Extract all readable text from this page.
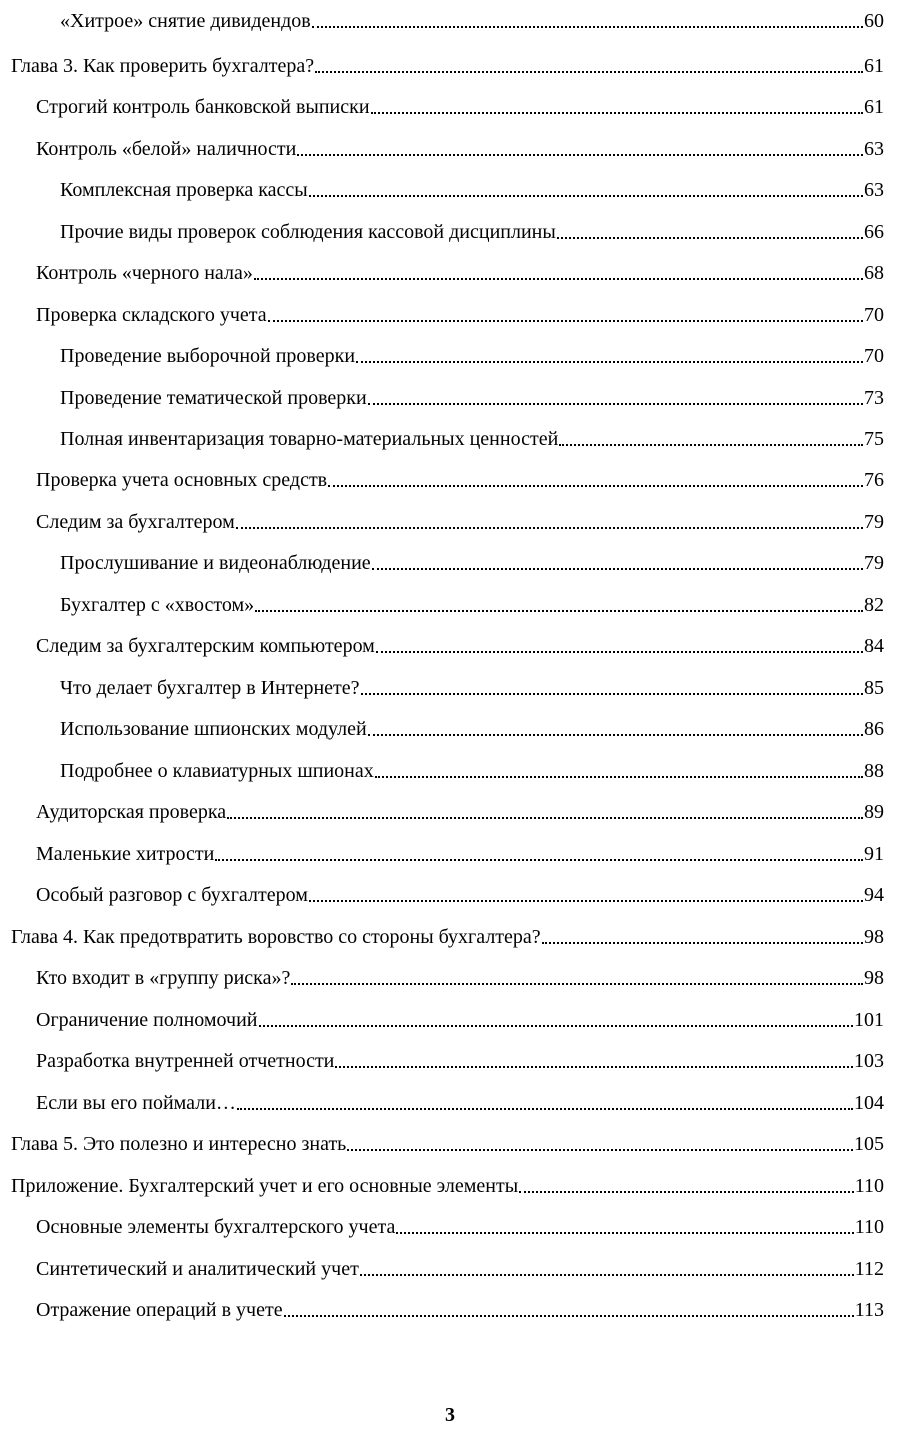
«Хитрое» снятие дивидендов	60
Глава 3. Как проверить бухгалтера?	61
Строгий контроль банковской выписки	61
Контроль «белой» наличности	63
Комплексная проверка кассы	63
Прочие виды проверок соблюдения кассовой дисциплины	66
Контроль «черного нала»	68
Проверка складского учета	70
Проведение выборочной проверки	70
Проведение тематической проверки	73
Полная инвентаризация товарно-материальных ценностей	75
Проверка учета основных средств	76
Следим за бухгалтером	79
Прослушивание и видеонаблюдение	79
Бухгалтер с «хвостом»	82
Следим за бухгалтерским компьютером	84
Что делает бухгалтер в Интернете?	85
Использование шпионских модулей	86
Подробнее о клавиатурных шпионах	88
Аудиторская проверка	89
Маленькие хитрости	91
Особый разговор с бухгалтером	94
Глава 4. Как предотвратить воровство со стороны бухгалтера?	98
Кто входит в «группу риска»?	98
Ограничение полномочий	101
Разработка внутренней отчетности	103
Если вы его поймали…	104
Глава 5. Это полезно и интересно знать	105
Приложение. Бухгалтерский учет и его основные элементы	110
Основные элементы бухгалтерского учета	110
Синтетический и аналитический учет	112
Отражение операций в учете	113
3
